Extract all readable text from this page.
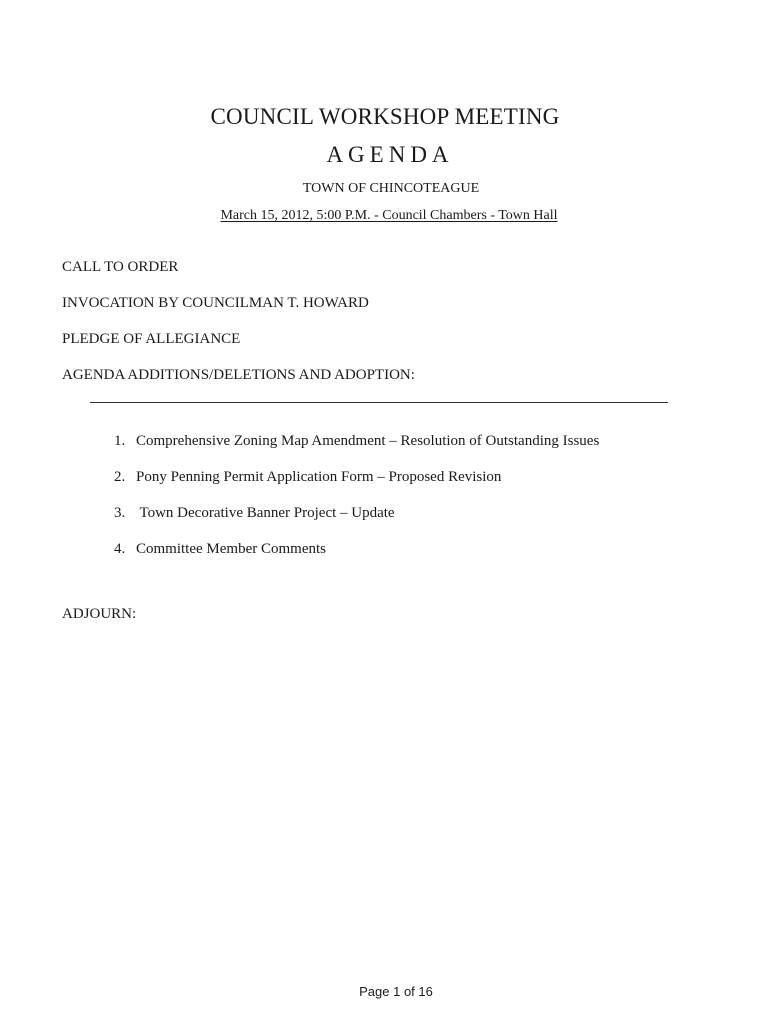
COUNCIL WORKSHOP MEETING
AGENDA
TOWN OF CHINCOTEAGUE
March 15, 2012, 5:00 P.M. - Council Chambers - Town Hall
CALL TO ORDER
INVOCATION BY COUNCILMAN T. HOWARD
PLEDGE OF ALLEGIANCE
AGENDA ADDITIONS/DELETIONS AND ADOPTION:
1. Comprehensive Zoning Map Amendment – Resolution of Outstanding Issues
2. Pony Penning Permit Application Form – Proposed Revision
3. Town Decorative Banner Project – Update
4. Committee Member Comments
ADJOURN:
Page 1 of 16
